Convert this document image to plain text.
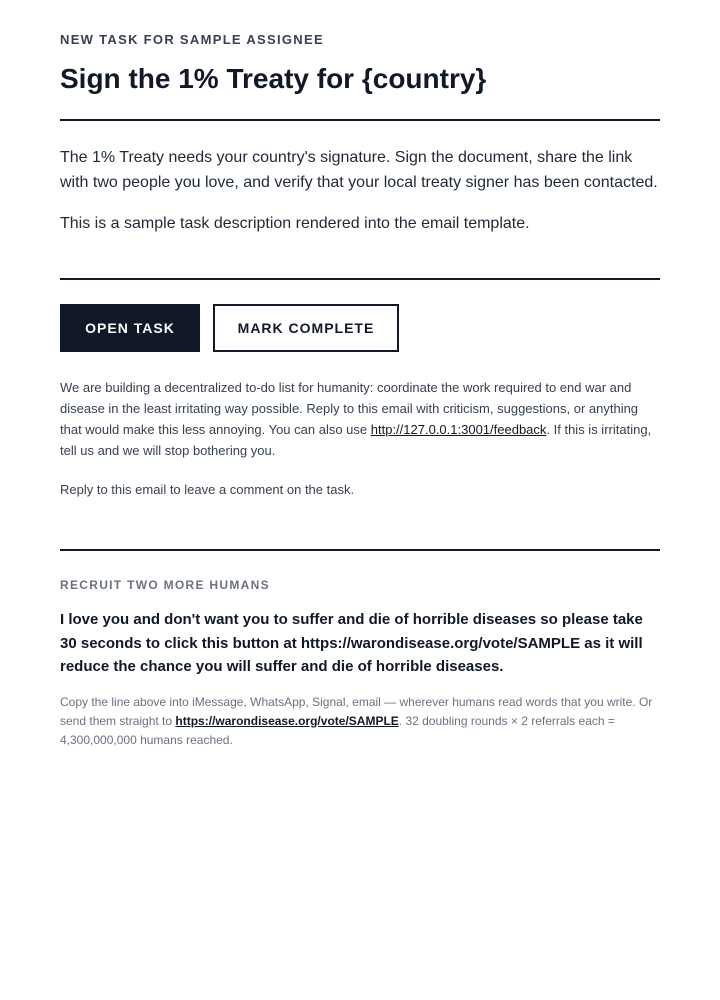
NEW TASK FOR SAMPLE ASSIGNEE
Sign the 1% Treaty for {country}

The 1% Treaty needs your country's signature. Sign the document, share the link with two people you love, and verify that your local treaty signer has been contacted.

This is a sample task description rendered into the email template.

OPEN TASK	MARK COMPLETE

We are building a decentralized to-do list for humanity: coordinate the work required to end war and disease in the least irritating way possible. Reply to this email with criticism, suggestions, or anything that would make this less annoying. You can also use http://127.0.0.1:3001/feedback. If this is irritating, tell us and we will stop bothering you.

Reply to this email to leave a comment on the task.

RECRUIT TWO MORE HUMANS

I love you and don't want you to suffer and die of horrible diseases so please take 30 seconds to click this button at https://warondisease.org/vote/SAMPLE as it will reduce the chance you will suffer and die of horrible diseases.

Copy the line above into iMessage, WhatsApp, Signal, email — wherever humans read words that you write. Or send them straight to https://warondisease.org/vote/SAMPLE. 32 doubling rounds × 2 referrals each = 4,300,000,000 humans reached.
